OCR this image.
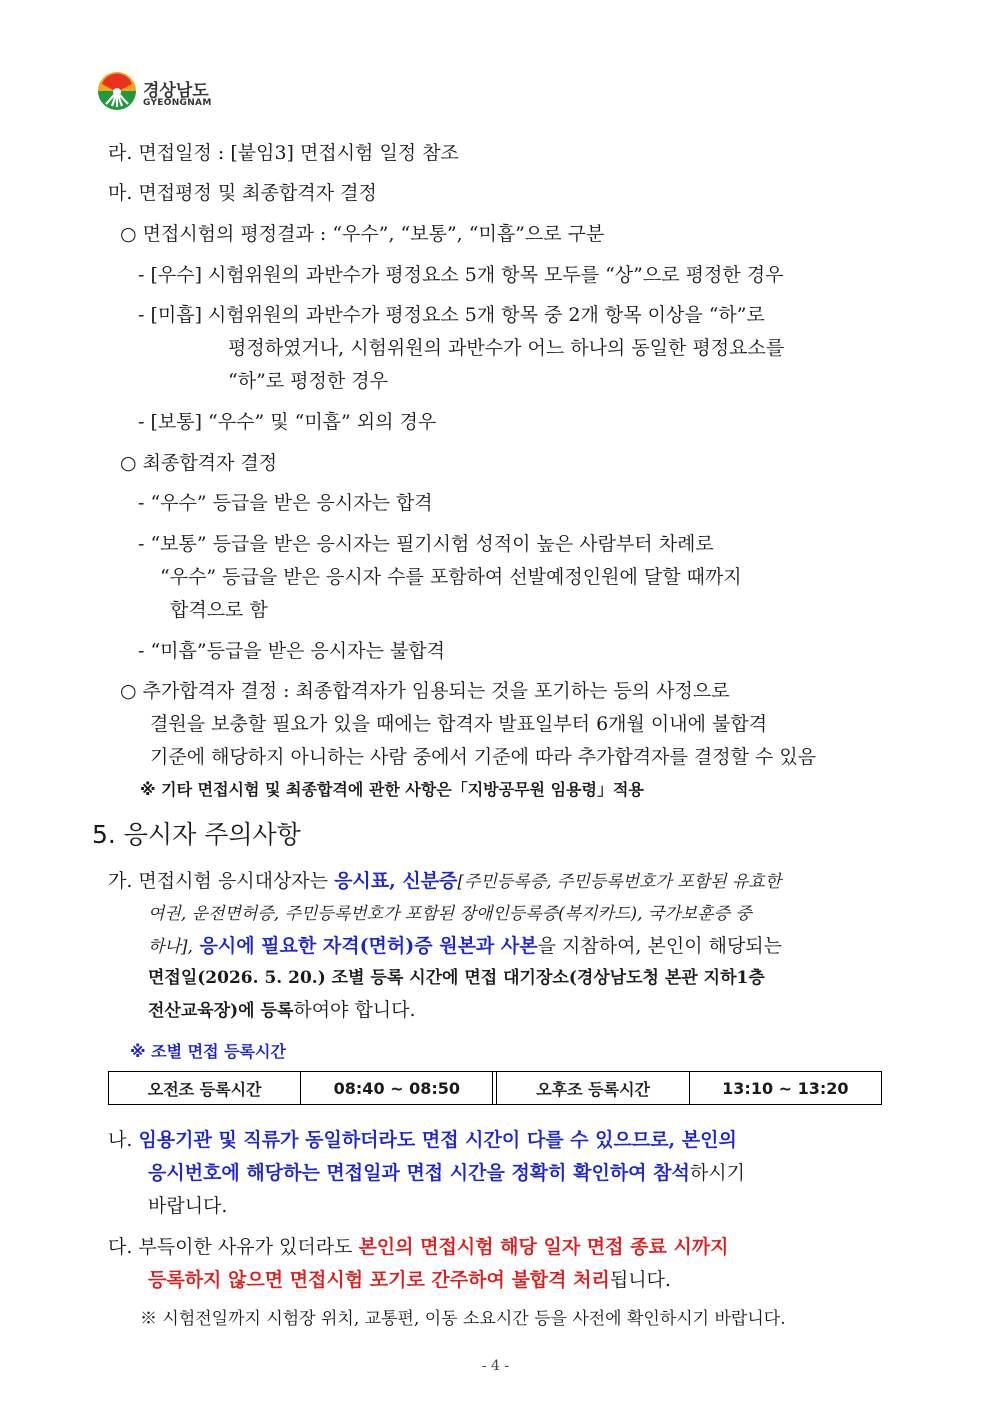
경상남도
GYEONGNAM
라. 면접일정 : [붙임3] 면접시험 일정 참조
마. 면접평정 및 최종합격자 결정
○ 면접시험의 평정결과 : “우수”, “보통”, “미흡”으로 구분
- [우수] 시험위원의 과반수가 평정요소 5개 항목 모두를 “상”으로 평정한 경우
- [미흡] 시험위원의 과반수가 평정요소 5개 항목 중 2개 항목 이상을 “하”로
평정하였거나, 시험위원의 과반수가 어느 하나의 동일한 평정요소를
“하”로 평정한 경우
- [보통] “우수” 및 “미흡” 외의 경우
○ 최종합격자 결정
- “우수” 등급을 받은 응시자는 합격
- “보통” 등급을 받은 응시자는 필기시험 성적이 높은 사람부터 차례로
“우수” 등급을 받은 응시자 수를 포함하여 선발예정인원에 달할 때까지
합격으로 함
- “미흡”등급을 받은 응시자는 불합격
○ 추가합격자 결정 : 최종합격자가 임용되는 것을 포기하는 등의 사정으로
결원을 보충할 필요가 있을 때에는 합격자 발표일부터 6개월 이내에 불합격
기준에 해당하지 아니하는 사람 중에서 기준에 따라 추가합격자를 결정할 수 있음
※ 기타 면접시험 및 최종합격에 관한 사항은「지방공무원 임용령」적용
5. 응시자 주의사항
가. 면접시험 응시대상자는 응시표, 신분증[주민등록증, 주민등록번호가 포함된 유효한
여권, 운전면허증, 주민등록번호가 포함된 장애인등록증(복지카드), 국가보훈증 중
하나], 응시에 필요한 자격(면허)증 원본과 사본을 지참하여, 본인이 해당되는
면접일(2026. 5. 20.) 조별 등록 시간에 면접 대기장소(경상남도청 본관 지하1층
전산교육장)에 등록하여야 합니다.
※ 조별 면접 등록시간
오전조 등록시간	08:40 ~ 08:50		오후조 등록시간	13:10 ~ 13:20
나. 임용기관 및 직류가 동일하더라도 면접 시간이 다를 수 있으므로, 본인의
응시번호에 해당하는 면접일과 면접 시간을 정확히 확인하여 참석하시기
바랍니다.
다. 부득이한 사유가 있더라도 본인의 면접시험 해당 일자 면접 종료 시까지
등록하지 않으면 면접시험 포기로 간주하여 불합격 처리됩니다.
※ 시험전일까지 시험장 위치, 교통편, 이동 소요시간 등을 사전에 확인하시기 바랍니다.
- 4 -
